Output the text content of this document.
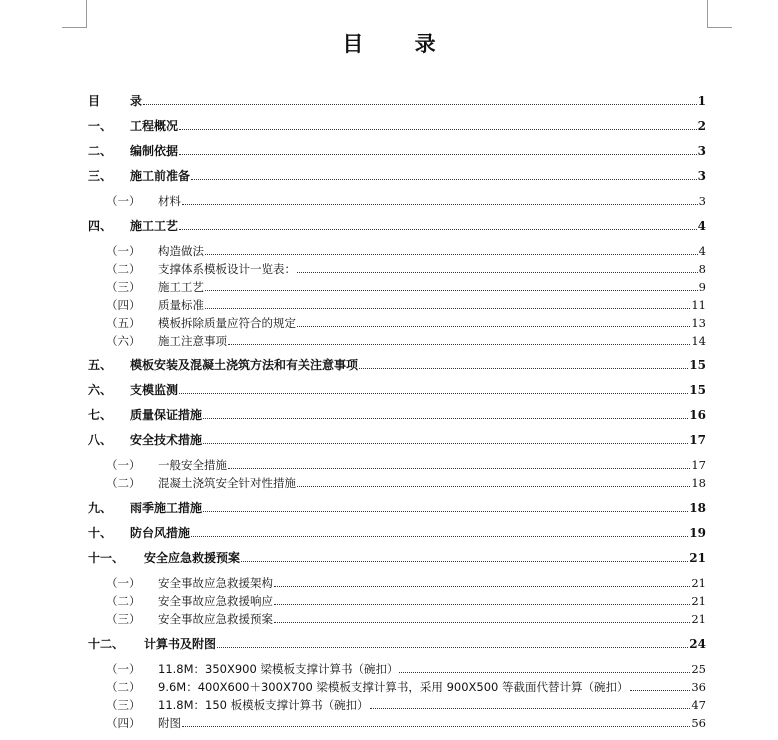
目 录
目	录	1
一、	工程概况	2
二、	编制依据	3
三、	施工前准备	3
（一）	材料	3
四、	施工工艺	4
（一）	构造做法	4
（二）	支撑体系模板设计一览表：	8
（三）	施工工艺	9
（四）	质量标准	11
（五）	模板拆除质量应符合的规定	13
（六）	施工注意事项	14
五、	模板安装及混凝土浇筑方法和有关注意事项	15
六、	支模监测	15
七、	质量保证措施	16
八、	安全技术措施	17
（一）	一般安全措施	17
（二）	混凝土浇筑安全针对性措施	18
九、	雨季施工措施	18
十、	防台风措施	19
十一、	安全应急救援预案	21
（一）	安全事故应急救援架构	21
（二）	安全事故应急救援响应	21
（三）	安全事故应急救援预案	21
十二、	计算书及附图	24
（一）	11.8M：350X900 梁模板支撑计算书（碗扣）	25
（二）	9.6M：400X600＋300X700 梁模板支撑计算书，采用 900X500 等截面代替计算（碗扣）	36
（三）	11.8M：150 板模板支撑计算书（碗扣）	47
（四）	附图	56
